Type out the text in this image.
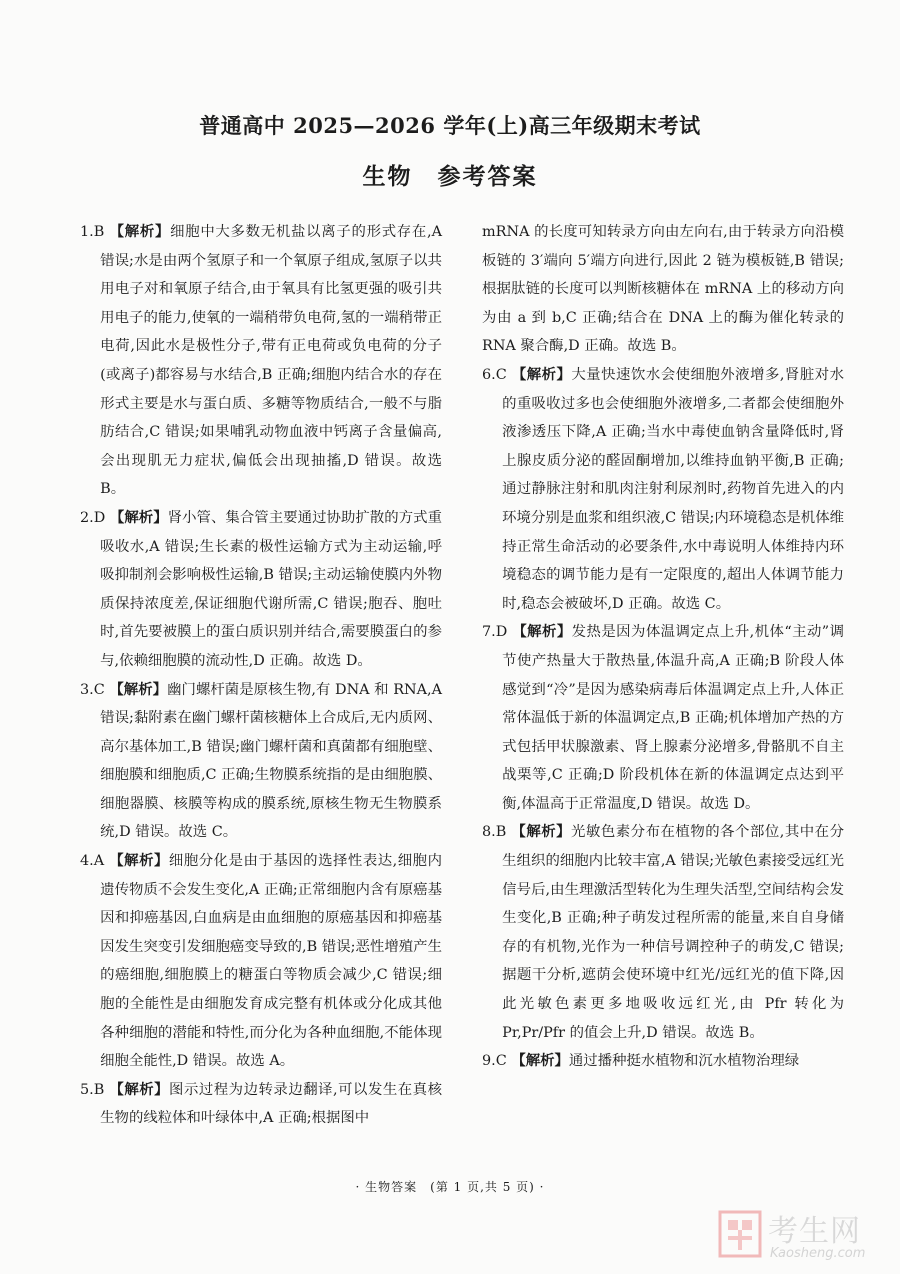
普通高中 2025—2026 学年(上)高三年级期末考试
生物　参考答案

1.B 【解析】细胞中大多数无机盐以离子的形式存在,A 错误;水是由两个氢原子和一个氧原子组成,氢原子以共用电子对和氧原子结合,由于氧具有比氢更强的吸引共用电子的能力,使氧的一端稍带负电荷,氢的一端稍带正电荷,因此水是极性分子,带有正电荷或负电荷的分子(或离子)都容易与水结合,B 正确;细胞内结合水的存在形式主要是水与蛋白质、多糖等物质结合,一般不与脂肪结合,C 错误;如果哺乳动物血液中钙离子含量偏高,会出现肌无力症状,偏低会出现抽搐,D 错误。故选 B。

2.D 【解析】肾小管、集合管主要通过协助扩散的方式重吸收水,A 错误;生长素的极性运输方式为主动运输,呼吸抑制剂会影响极性运输,B 错误;主动运输使膜内外物质保持浓度差,保证细胞代谢所需,C 错误;胞吞、胞吐时,首先要被膜上的蛋白质识别并结合,需要膜蛋白的参与,依赖细胞膜的流动性,D 正确。故选 D。

3.C 【解析】幽门螺杆菌是原核生物,有 DNA 和 RNA,A 错误;黏附素在幽门螺杆菌核糖体上合成后,无内质网、高尔基体加工,B 错误;幽门螺杆菌和真菌都有细胞壁、细胞膜和细胞质,C 正确;生物膜系统指的是由细胞膜、细胞器膜、核膜等构成的膜系统,原核生物无生物膜系统,D 错误。故选 C。

4.A 【解析】细胞分化是由于基因的选择性表达,细胞内遗传物质不会发生变化,A 正确;正常细胞内含有原癌基因和抑癌基因,白血病是由血细胞的原癌基因和抑癌基因发生突变引发细胞癌变导致的,B 错误;恶性增殖产生的癌细胞,细胞膜上的糖蛋白等物质会减少,C 错误;细胞的全能性是由细胞发育成完整有机体或分化成其他各种细胞的潜能和特性,而分化为各种血细胞,不能体现细胞全能性,D 错误。故选 A。

5.B 【解析】图示过程为边转录边翻译,可以发生在真核生物的线粒体和叶绿体中,A 正确;根据图中

mRNA 的长度可知转录方向由左向右,由于转录方向沿模板链的 3′端向 5′端方向进行,因此 2 链为模板链,B 错误;根据肽链的长度可以判断核糖体在 mRNA 上的移动方向为由 a 到 b,C 正确;结合在 DNA 上的酶为催化转录的 RNA 聚合酶,D 正确。故选 B。

6.C 【解析】大量快速饮水会使细胞外液增多,肾脏对水的重吸收过多也会使细胞外液增多,二者都会使细胞外液渗透压下降,A 正确;当水中毒使血钠含量降低时,肾上腺皮质分泌的醛固酮增加,以维持血钠平衡,B 正确;通过静脉注射和肌肉注射利尿剂时,药物首先进入的内环境分别是血浆和组织液,C 错误;内环境稳态是机体维持正常生命活动的必要条件,水中毒说明人体维持内环境稳态的调节能力是有一定限度的,超出人体调节能力时,稳态会被破坏,D 正确。故选 C。

7.D 【解析】发热是因为体温调定点上升,机体“主动”调节使产热量大于散热量,体温升高,A 正确;B 阶段人体感觉到“冷”是因为感染病毒后体温调定点上升,人体正常体温低于新的体温调定点,B 正确;机体增加产热的方式包括甲状腺激素、肾上腺素分泌增多,骨骼肌不自主战栗等,C 正确;D 阶段机体在新的体温调定点达到平衡,体温高于正常温度,D 错误。故选 D。

8.B 【解析】光敏色素分布在植物的各个部位,其中在分生组织的细胞内比较丰富,A 错误;光敏色素接受远红光信号后,由生理激活型转化为生理失活型,空间结构会发生变化,B 正确;种子萌发过程所需的能量,来自自身储存的有机物,光作为一种信号调控种子的萌发,C 错误;据题干分析,遮荫会使环境中红光/远红光的值下降,因此光敏色素更多地吸收远红光,由 Pfr 转化为 Pr,Pr/Pfr 的值会上升,D 错误。故选 B。

9.C 【解析】通过播种挺水植物和沉水植物治理绿

· 生物答案　(第 1 页,共 5 页) ·
考生网
Kaosheng.com
